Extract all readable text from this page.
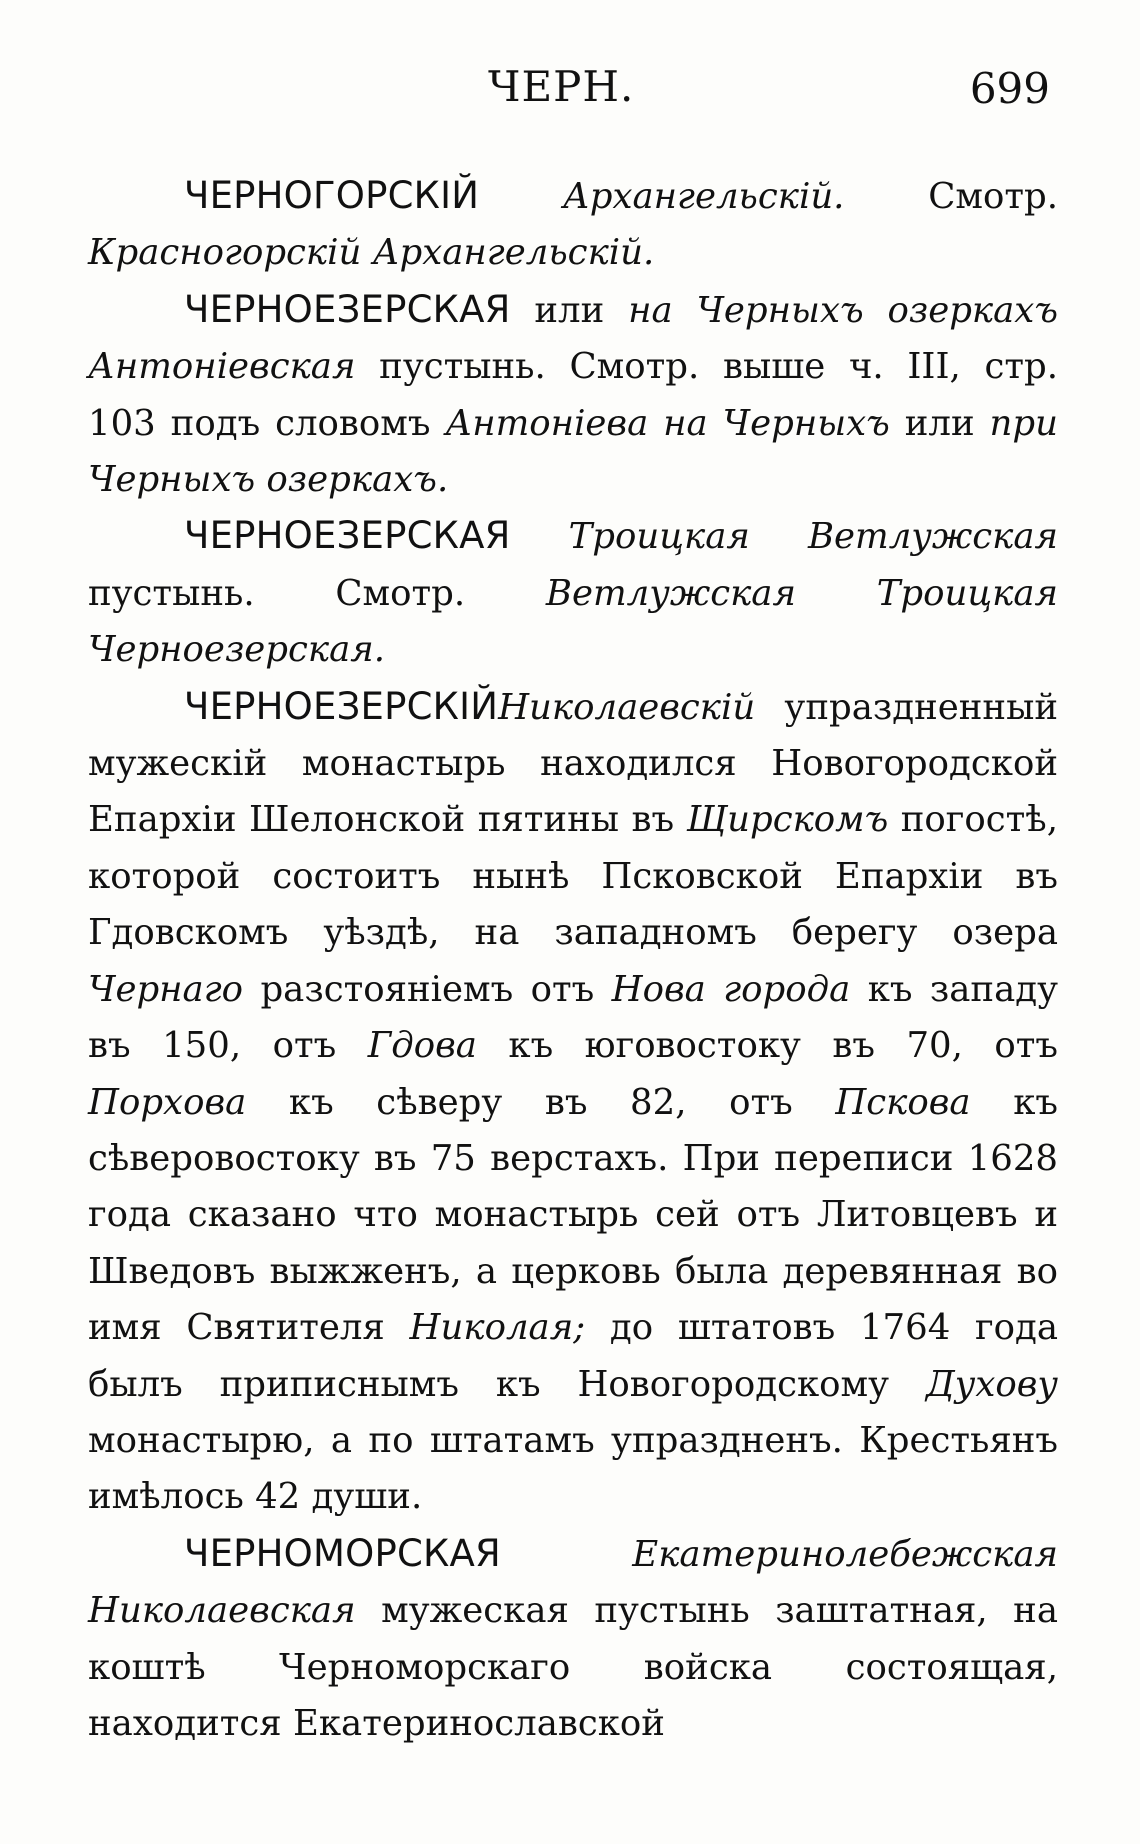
ЧЕРН.	699

ЧЕРНОГОРСКІЙ Архангельскій. Смотр. Красногорскій Архангельскій.

ЧЕРНОЕЗЕРСКАЯ или на Черныхъ озеркахъ Антоніевская пустынь. Смотр. выше ч. III, стр. 103 подъ словомъ Антоніева на Черныхъ или при Черныхъ озеркахъ.

ЧЕРНОЕЗЕРСКАЯ Троицкая Ветлужская пустынь. Смотр. Ветлужская Троицкая Черноезерская.

ЧЕРНОЕЗЕРСКІЙНиколаевскій упраздненный мужескій монастырь находился Новогородской Епархіи Шелонской пятины въ Щирскомъ погостѣ, которой состоитъ нынѣ Псковской Епархіи въ Гдовскомъ уѣздѣ, на западномъ берегу озера Чернаго разстояніемъ отъ Нова города къ западу въ 150, отъ Гдова къ юговостоку въ 70, отъ Порхова къ сѣверу въ 82, отъ Пскова къ сѣверовостоку въ 75 верстахъ. При переписи 1628 года сказано что монастырь сей отъ Литовцевъ и Шведовъ выжженъ, а церковь была деревянная во имя Святителя Николая; до штатовъ 1764 года былъ приписнымъ къ Новогородскому Духову монастырю, а по штатамъ упраздненъ. Крестьянъ имѣлось 42 души.

ЧЕРНОМОРСКАЯ	Екатеринолебежская Николаевская мужеская пустынь заштатная, на коштѣ Черноморскаго войска состоящая, находится Екатеринославской
